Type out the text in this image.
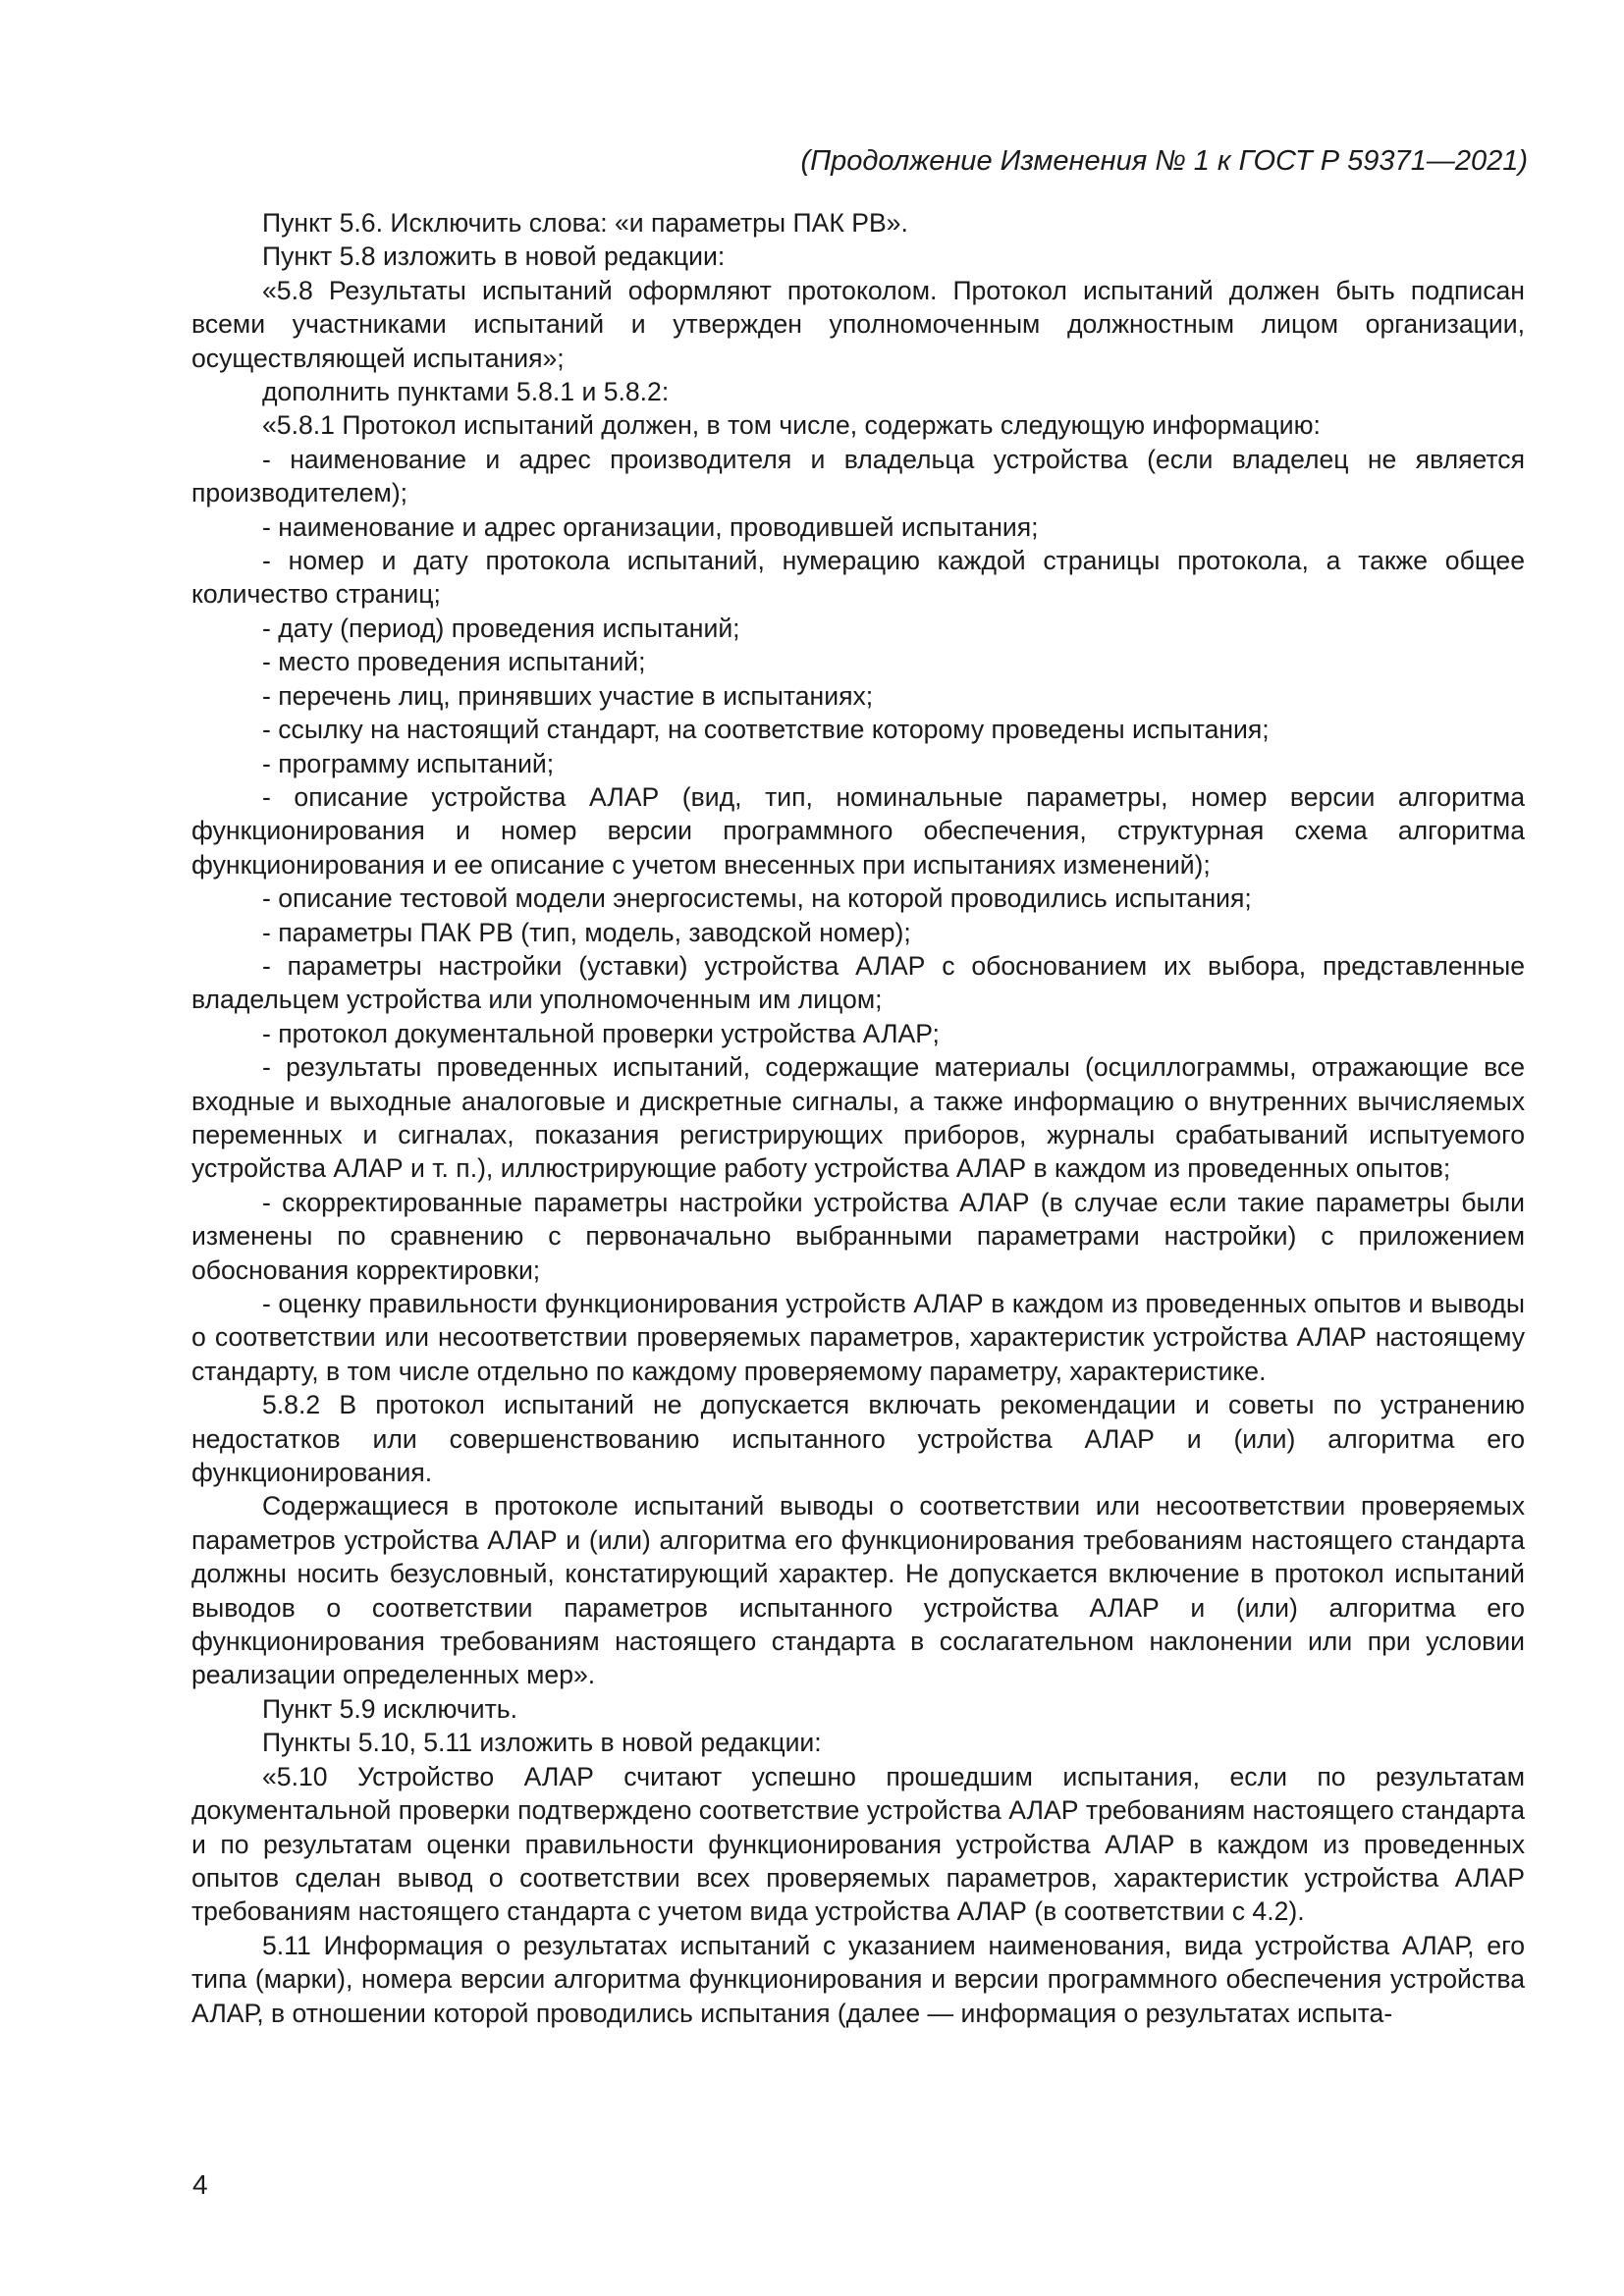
(Продолжение Изменения № 1 к ГОСТ Р 59371—2021)

Пункт 5.6. Исключить слова: «и параметры ПАК РВ».

Пункт 5.8 изложить в новой редакции:

«5.8 Результаты испытаний оформляют протоколом. Протокол испытаний должен быть подписан всеми участниками испытаний и утвержден уполномоченным должностным лицом организации, осуществляющей испытания»;

дополнить пунктами 5.8.1 и 5.8.2:

«5.8.1 Протокол испытаний должен, в том числе, содержать следующую информацию:

- наименование и адрес производителя и владельца устройства (если владелец не является производителем);

- наименование и адрес организации, проводившей испытания;

- номер и дату протокола испытаний, нумерацию каждой страницы протокола, а также общее количество страниц;

- дату (период) проведения испытаний;

- место проведения испытаний;

- перечень лиц, принявших участие в испытаниях;

- ссылку на настоящий стандарт, на соответствие которому проведены испытания;

- программу испытаний;

- описание устройства АЛАР (вид, тип, номинальные параметры, номер версии алгоритма функционирования и номер версии программного обеспечения, структурная схема алгоритма функционирования и ее описание с учетом внесенных при испытаниях изменений);

- описание тестовой модели энергосистемы, на которой проводились испытания;

- параметры ПАК РВ (тип, модель, заводской номер);

- параметры настройки (уставки) устройства АЛАР с обоснованием их выбора, представленные владельцем устройства или уполномоченным им лицом;

- протокол документальной проверки устройства АЛАР;

- результаты проведенных испытаний, содержащие материалы (осциллограммы, отражающие все входные и выходные аналоговые и дискретные сигналы, а также информацию о внутренних вычисляемых переменных и сигналах, показания регистрирующих приборов, журналы срабатываний испытуемого устройства АЛАР и т. п.), иллюстрирующие работу устройства АЛАР в каждом из проведенных опытов;

- скорректированные параметры настройки устройства АЛАР (в случае если такие параметры были изменены по сравнению с первоначально выбранными параметрами настройки) с приложением обоснования корректировки;

- оценку правильности функционирования устройств АЛАР в каждом из проведенных опытов и выводы о соответствии или несоответствии проверяемых параметров, характеристик устройства АЛАР настоящему стандарту, в том числе отдельно по каждому проверяемому параметру, характеристике.

5.8.2 В протокол испытаний не допускается включать рекомендации и советы по устранению недостатков или совершенствованию испытанного устройства АЛАР и (или) алгоритма его функционирования.

Содержащиеся в протоколе испытаний выводы о соответствии или несоответствии проверяемых параметров устройства АЛАР и (или) алгоритма его функционирования требованиям настоящего стандарта должны носить безусловный, констатирующий характер. Не допускается включение в протокол испытаний выводов о соответствии параметров испытанного устройства АЛАР и (или) алгоритма его функционирования требованиям настоящего стандарта в сослагательном наклонении или при условии реализации определенных мер».

Пункт 5.9 исключить.

Пункты 5.10, 5.11 изложить в новой редакции:

«5.10 Устройство АЛАР считают успешно прошедшим испытания, если по результатам документальной проверки подтверждено соответствие устройства АЛАР требованиям настоящего стандарта и по результатам оценки правильности функционирования устройства АЛАР в каждом из проведенных опытов сделан вывод о соответствии всех проверяемых параметров, характеристик устройства АЛАР требованиям настоящего стандарта с учетом вида устройства АЛАР (в соответствии с 4.2).

5.11 Информация о результатах испытаний с указанием наименования, вида устройства АЛАР, его типа (марки), номера версии алгоритма функционирования и версии программного обеспечения устройства АЛАР, в отношении которой проводились испытания (далее — информация о результатах испыта-

4
